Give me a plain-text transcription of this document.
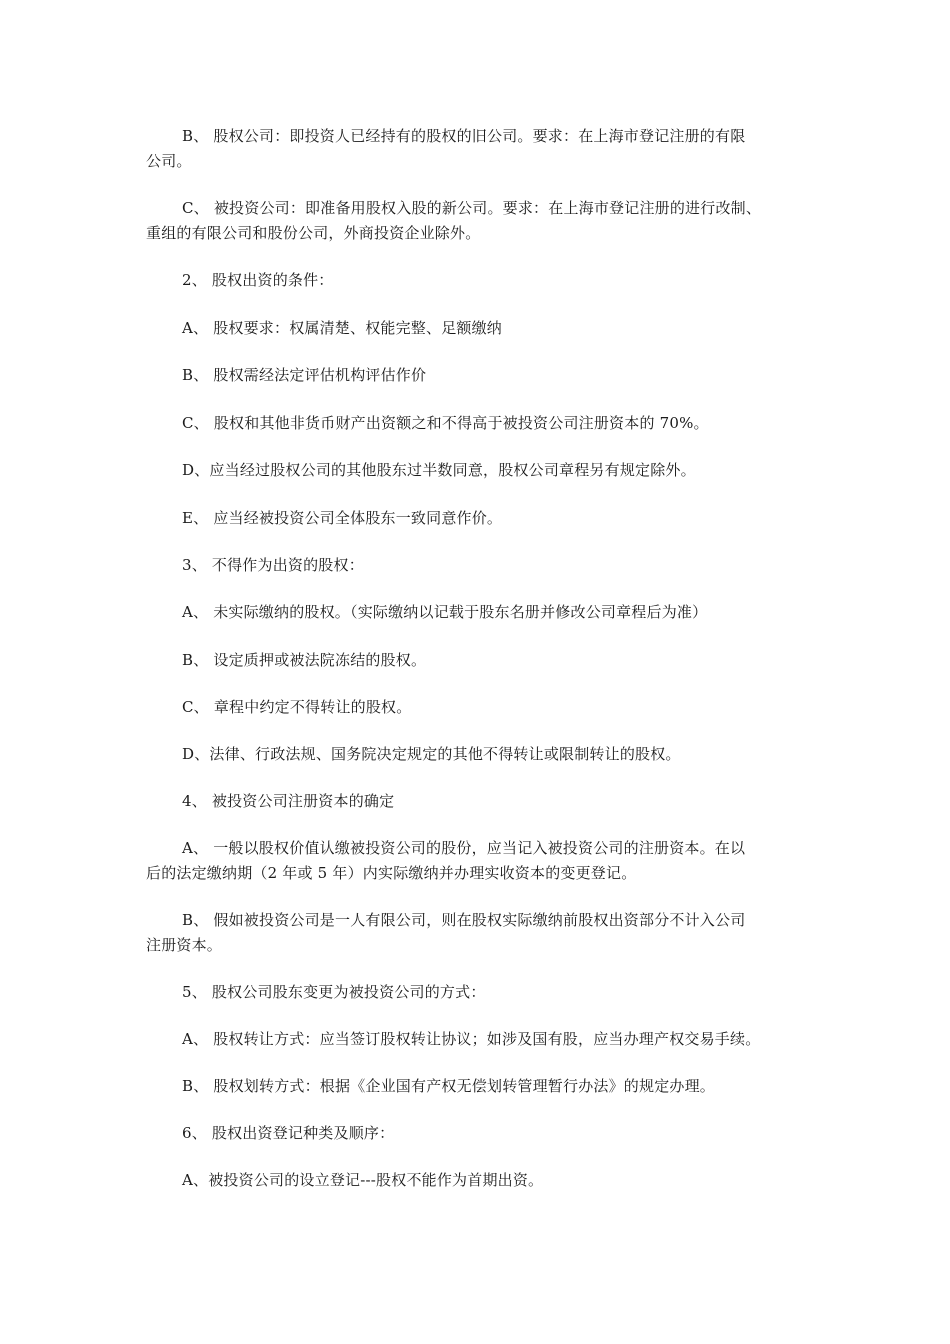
B、 股权公司：即投资人已经持有的股权的旧公司。要求：在上海市登记注册的有限
公司。
C、 被投资公司：即准备用股权入股的新公司。要求：在上海市登记注册的进行改制、
重组的有限公司和股份公司，外商投资企业除外。
2、 股权出资的条件：
A、 股权要求：权属清楚、权能完整、足额缴纳
B、 股权需经法定评估机构评估作价
C、 股权和其他非货币财产出资额之和不得高于被投资公司注册资本的 70%。
D、应当经过股权公司的其他股东过半数同意，股权公司章程另有规定除外。
E、 应当经被投资公司全体股东一致同意作价。
3、 不得作为出资的股权：
A、 未实际缴纳的股权。（实际缴纳以记载于股东名册并修改公司章程后为准）
B、 设定质押或被法院冻结的股权。
C、 章程中约定不得转让的股权。
D、法律、行政法规、国务院决定规定的其他不得转让或限制转让的股权。
4、 被投资公司注册资本的确定
A、 一般以股权价值认缴被投资公司的股份，应当记入被投资公司的注册资本。在以
后的法定缴纳期（2 年或 5 年）内实际缴纳并办理实收资本的变更登记。
B、 假如被投资公司是一人有限公司，则在股权实际缴纳前股权出资部分不计入公司
注册资本。
5、 股权公司股东变更为被投资公司的方式：
A、 股权转让方式：应当签订股权转让协议；如涉及国有股，应当办理产权交易手续。
B、 股权划转方式：根据《企业国有产权无偿划转管理暂行办法》的规定办理。
6、 股权出资登记种类及顺序：
A、被投资公司的设立登记---股权不能作为首期出资。
